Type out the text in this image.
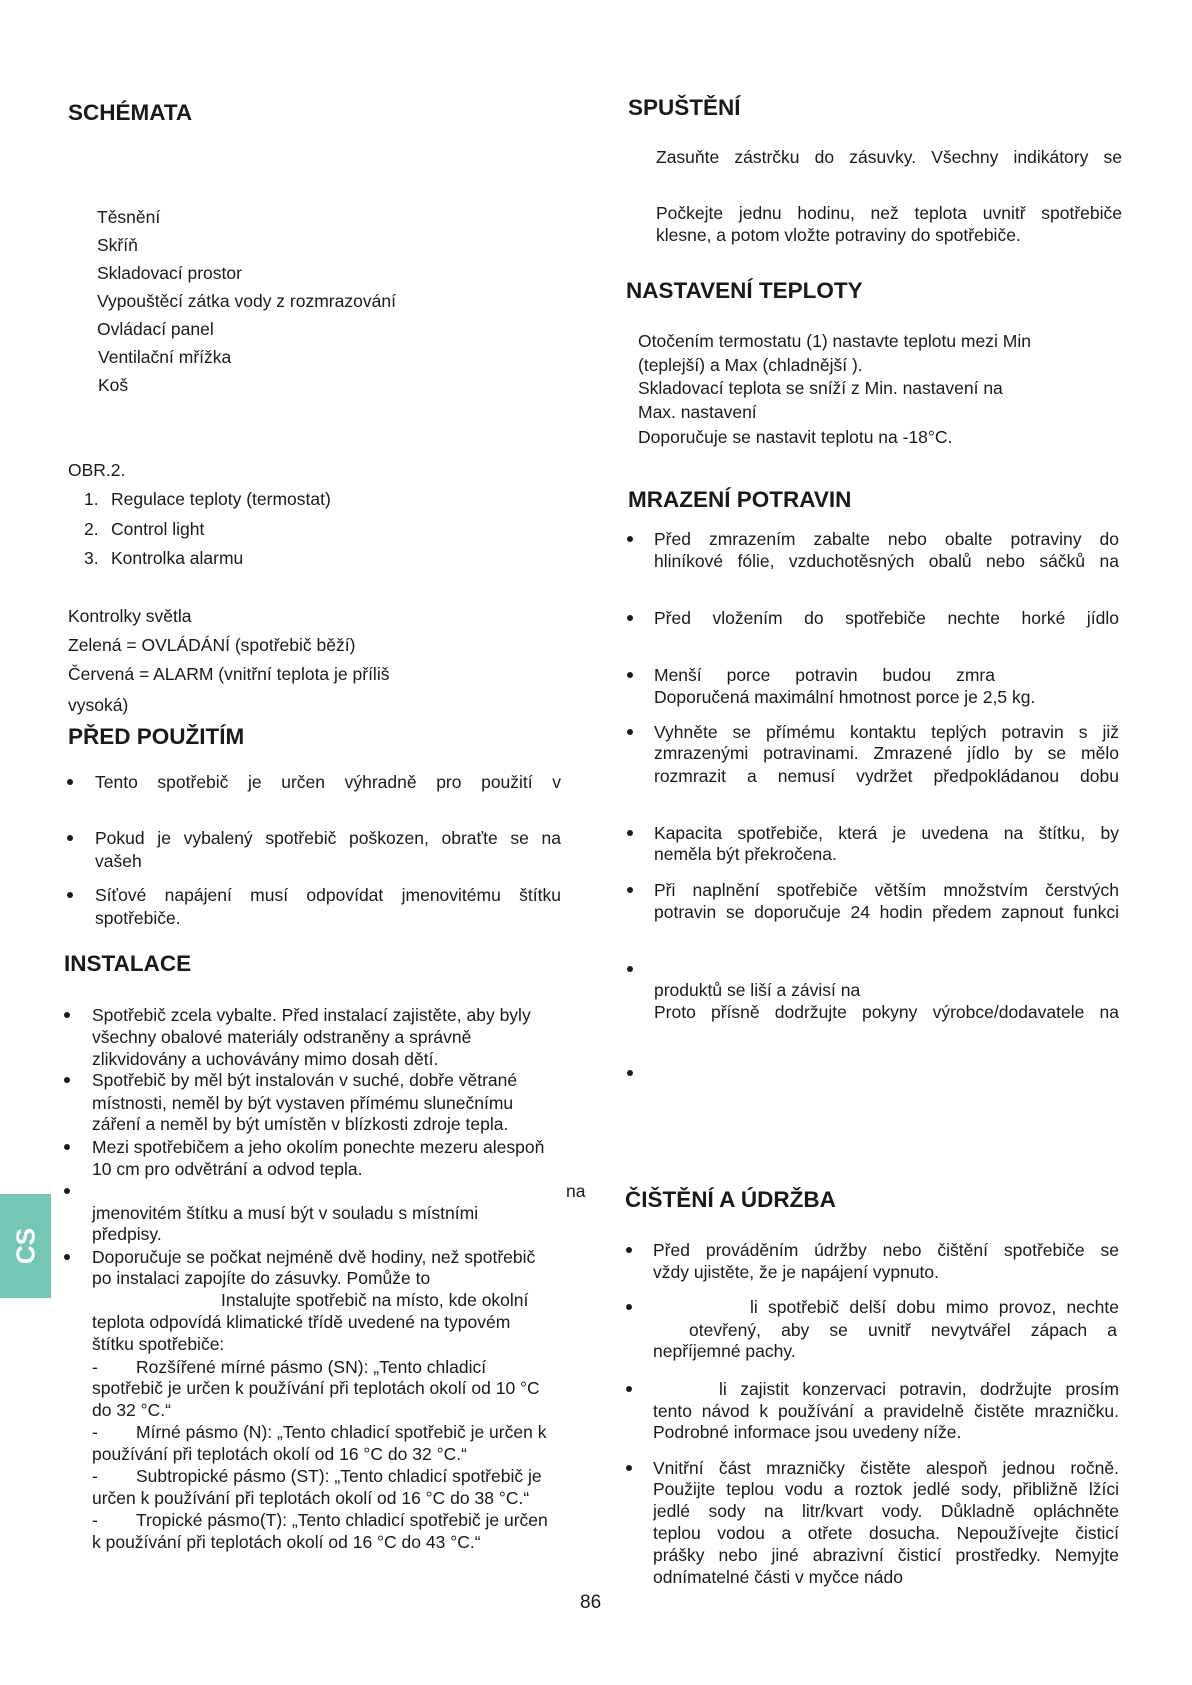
CS
SCHÉMATA
Těsnění
Skříň
Skladovací prostor
Vypouštěcí zátka vody z rozmrazování
Ovládací panel
Ventilační mřížka
Koš
OBR.2.
1. Regulace teploty (termostat)
2. Control light
3. Kontrolka alarmu
Kontrolky světla
Zelená = OVLÁDÁNÍ (spotřebič běží)
Červená = ALARM (vnitřní teplota je příliš
vysoká)
PŘED POUŽITÍM
Tento spotřebič je určen výhradně pro použití v
Pokud je vybalený spotřebič poškozen, obraťte se na
vašeh
Síťové napájení musí odpovídat jmenovitému štítku
spotřebiče.
INSTALACE
Spotřebič zcela vybalte. Před instalací zajistěte, aby byly
všechny obalové materiály odstraněny a správně
zlikvidovány a uchovávány mimo dosah dětí.
Spotřebič by měl být instalován v suché, dobře větrané
místnosti, neměl by být vystaven přímému slunečnímu
záření a neměl by být umístěn v blízkosti zdroje tepla.
Mezi spotřebičem a jeho okolím ponechte mezeru alespoň
10 cm pro odvětrání a odvod tepla.
na
jmenovitém štítku a musí být v souladu s místními
předpisy.
Doporučuje se počkat nejméně dvě hodiny, než spotřebič
po instalaci zapojíte do zásuvky. Pomůže to
Instalujte spotřebič na místo, kde okolní
teplota odpovídá klimatické třídě uvedené na typovém
štítku spotřebiče:
- Rozšířené mírné pásmo (SN): „Tento chladicí
spotřebič je určen k používání při teplotách okolí od 10 °C
do 32 °C.“
- Mírné pásmo (N): „Tento chladicí spotřebič je určen k
používání při teplotách okolí od 16 °C do 32 °C.“
- Subtropické pásmo (ST): „Tento chladicí spotřebič je
určen k používání při teplotách okolí od 16 °C do 38 °C.“
- Tropické pásmo(T): „Tento chladicí spotřebič je určen
k používání při teplotách okolí od 16 °C do 43 °C.“
86
SPUŠTĚNÍ
Zasuňte zástrčku do zásuvky. Všechny indikátory se
Počkejte jednu hodinu, než teplota uvnitř spotřebiče
klesne, a potom vložte potraviny do spotřebiče.
NASTAVENÍ TEPLOTY
Otočením termostatu (1) nastavte teplotu mezi Min
(teplejší) a Max (chladnější ).
Skladovací teplota se sníží z Min. nastavení na
Max. nastavení
Doporučuje se nastavit teplotu na -18°C.
MRAZENÍ POTRAVIN
Před zmrazením zabalte nebo obalte potraviny do
hliníkové fólie, vzduchotěsných obalů nebo sáčků na
Před vložením do spotřebiče nechte horké jídlo
Menší porce potravin budou zmra
Doporučená maximální hmotnost porce je 2,5 kg.
Vyhněte se přímému kontaktu teplých potravin s již
zmrazenými potravinami. Zmrazené jídlo by se mělo
rozmrazit a nemusí vydržet předpokládanou dobu
Kapacita spotřebiče, která je uvedena na štítku, by
neměla být překročena.
Při naplnění spotřebiče větším množstvím čerstvých
potravin se doporučuje 24 hodin předem zapnout funkci
produktů se liší a závisí na
Proto přísně dodržujte pokyny výrobce/dodavatele na
ČIŠTĚNÍ A ÚDRŽBA
Před prováděním údržby nebo čištění spotřebiče se
vždy ujistěte, že je napájení vypnuto.
li spotřebič delší dobu mimo provoz, nechte
otevřený, aby se uvnitř nevytvářel zápach a
nepříjemné pachy.
li zajistit konzervaci potravin, dodržujte prosím
tento návod k používání a pravidelně čistěte mrazničku.
Podrobné informace jsou uvedeny níže.
Vnitřní část mrazničky čistěte alespoň jednou ročně.
Použijte teplou vodu a roztok jedlé sody, přibližně lžíci
jedlé sody na litr/kvart vody. Důkladně opláchněte
teplou vodou a otřete dosucha. Nepoužívejte čisticí
prášky nebo jiné abrazivní čisticí prostředky. Nemyjte
odnímatelné části v myčce nádo
